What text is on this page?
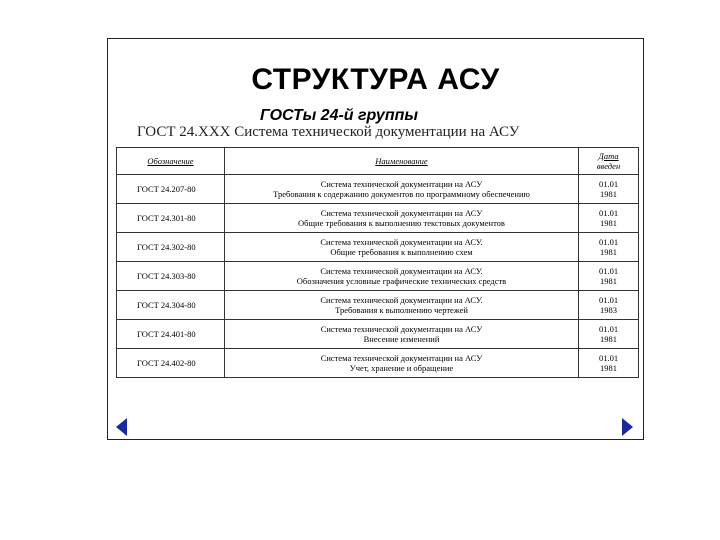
СТРУКТУРА АСУ
ГОСТы 24-й группы
ГОСТ 24.XXX Система технической документации на АСУ
Обозначение	Наименование	Дата
введен
ГОСТ 24.207-80	Система технической документации на АСУ
Требования к содержанию документов по программному обеспечению	01.01
1981
ГОСТ 24.301-80	Система технической документации на АСУ
Общие требования к выполнению текстовых документов	01.01
1981
ГОСТ 24.302-80	Система технической документации на АСУ.
Общие требования к выполнению схем	01.01
1981
ГОСТ 24.303-80	Система технической документации на АСУ.
Обозначения условные графические технических средств	01.01
1981
ГОСТ 24.304-80	Система технической документации на АСУ.
Требования к выполнению чертежей	01.01
1983
ГОСТ 24.401-80	Система технической документации на АСУ
Внесение изменений	01.01
1981
ГОСТ 24.402-80	Система технической документации на АСУ
Учет, хранение и обращение	01.01
1981
